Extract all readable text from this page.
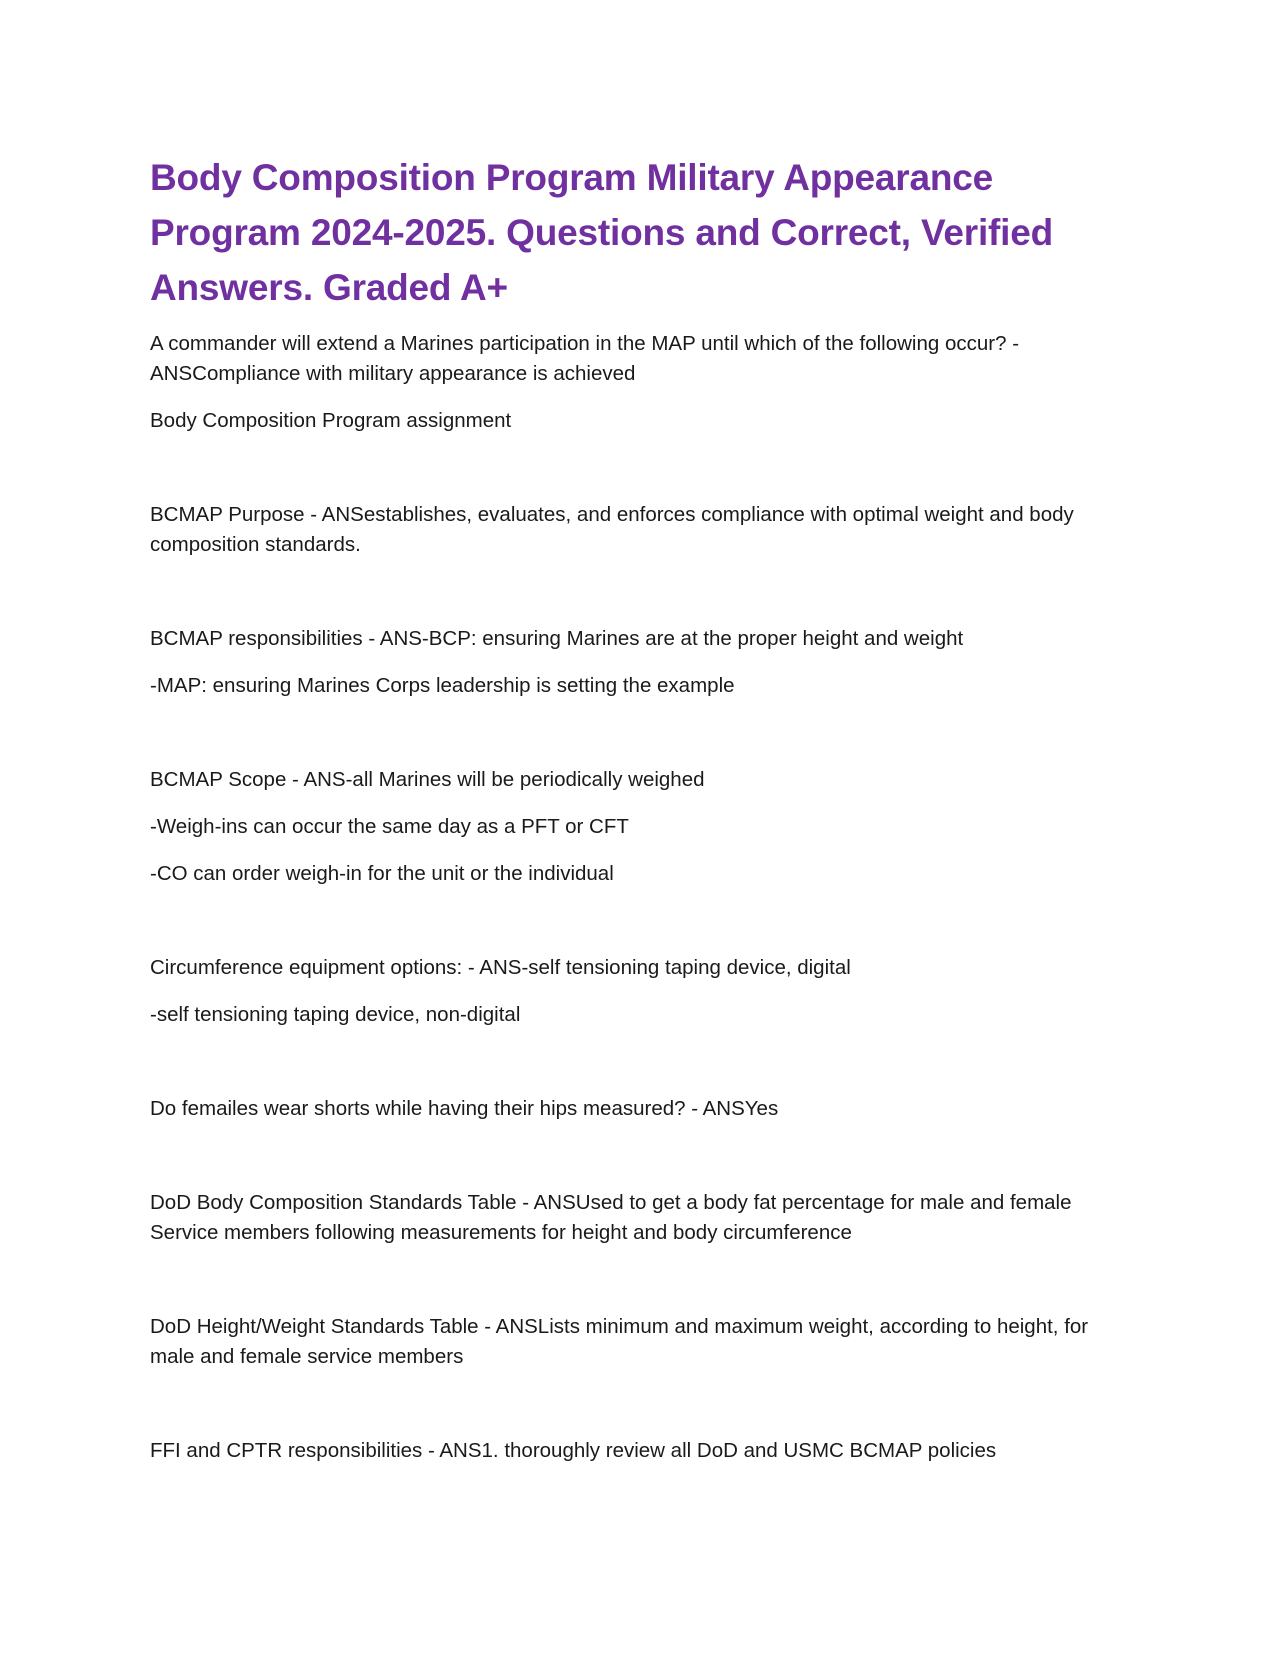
Body Composition Program Military Appearance Program 2024-2025. Questions and Correct, Verified Answers. Graded A+

A commander will extend a Marines participation in the MAP until which of the following occur? - ANSCompliance with military appearance is achieved

Body Composition Program assignment

BCMAP Purpose - ANSestablishes, evaluates, and enforces compliance with optimal weight and body composition standards.

BCMAP responsibilities - ANS-BCP: ensuring Marines are at the proper height and weight

-MAP: ensuring Marines Corps leadership is setting the example

BCMAP Scope - ANS-all Marines will be periodically weighed

-Weigh-ins can occur the same day as a PFT or CFT

-CO can order weigh-in for the unit or the individual

Circumference equipment options: - ANS-self tensioning taping device, digital

-self tensioning taping device, non-digital

Do femailes wear shorts while having their hips measured? - ANSYes

DoD Body Composition Standards Table - ANSUsed to get a body fat percentage for male and female Service members following measurements for height and body circumference

DoD Height/Weight Standards Table - ANSLists minimum and maximum weight, according to height, for male and female service members

FFI and CPTR responsibilities - ANS1. thoroughly review all DoD and USMC BCMAP policies
